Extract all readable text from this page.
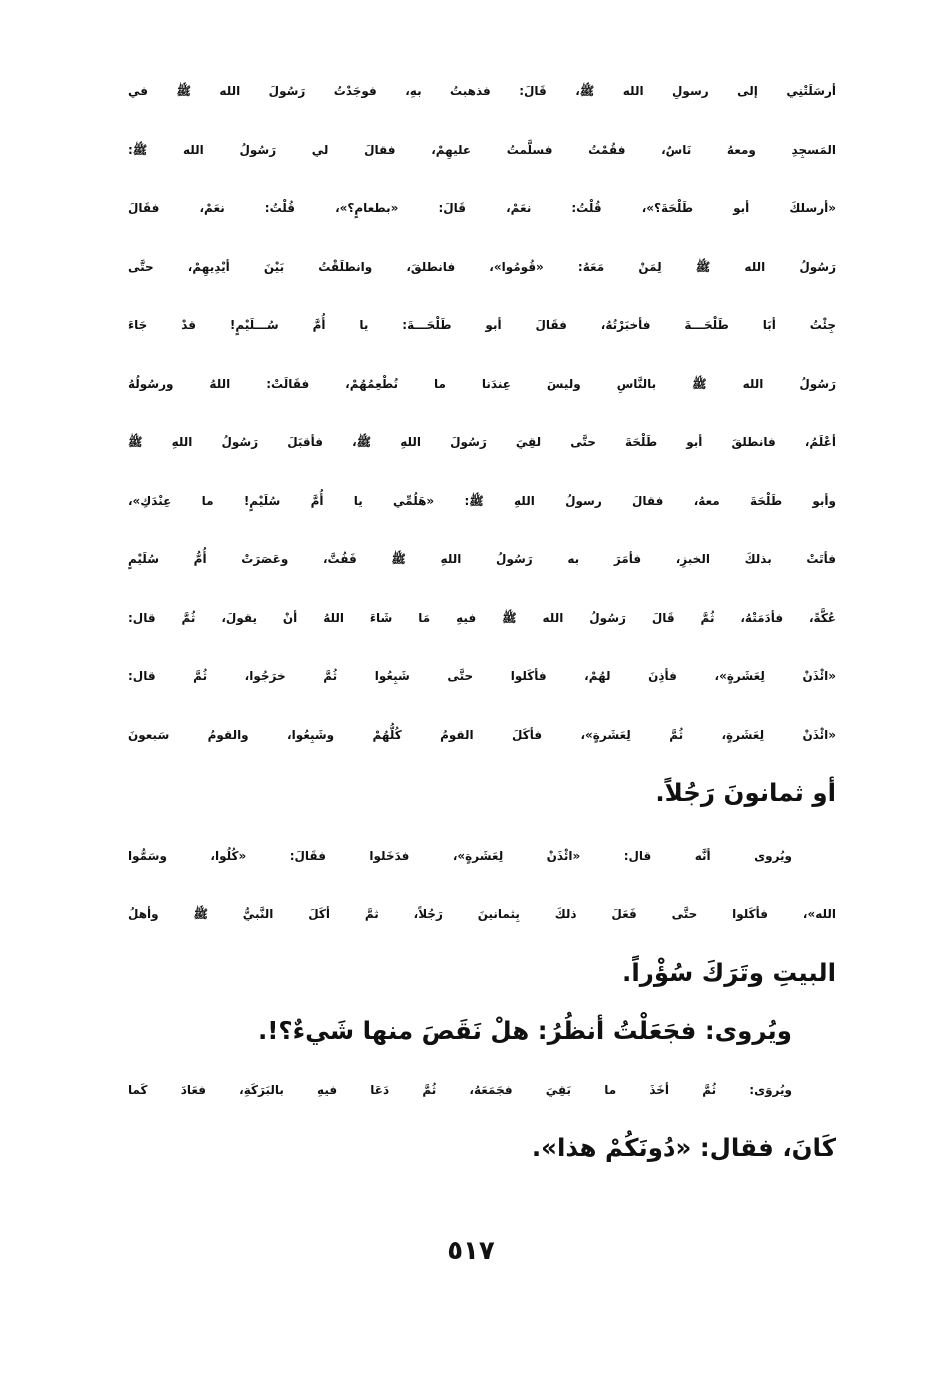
أرسَلَتْنِي إلى رسولِ الله ﷺ، قَالَ: فذهبتُ بهِ، فوجَدْتُ رَسُولَ الله ﷺ في
المَسجِدِ ومعهُ نَاسٌ، فقُمْتُ فسلَّمتُ عليهِمْ، فقالَ لي رَسُولُ الله ﷺ:
«أرسلكَ أبو طَلْحَةَ؟»، قُلْتُ: نعَمْ، قَالَ: «بطعامٍ؟»، قُلْتُ: نعَمْ، فقَالَ
رَسُولُ الله ﷺ لِمَنْ مَعَهُ: «قُومُوا»، فانطلقَ، وانطلَقْتُ بَيْنَ أيْدِيهِمْ، حتَّى
جِئْتُ أبَا طَلْحَـــةَ فأخبَرْتُهُ، فقَالَ أبو طَلْحَـــةَ: يا أُمَّ سُـــلَيْمٍ! قدْ جَاءَ
رَسُولُ الله ﷺ بالنَّاسِ وليسَ عِندَنا ما نُطْعِمُهُمْ، فقَالَتْ: اللهُ ورسُولُهُ
أعْلَمُ، فانطلقَ أبو طَلْحَةَ حتَّى لقِيَ رَسُولَ اللهِ ﷺ، فأقبَلَ رَسُولُ اللهِ ﷺ
وأبو طَلْحَةَ معهُ، فقالَ رسولُ اللهِ ﷺ: «هَلُمِّي يا أُمَّ سُلَيْمٍ! ما عِنْدَكِ»،
فأتَتْ بذلكَ الخبزِ، فأمَرَ به رَسُولُ اللهِ ﷺ فَفُتَّ، وعَصَرَتْ أُمُّ سُلَيْمٍ
عُكَّةً، فأدَمَتْهُ، ثُمَّ قَالَ رَسُولُ الله ﷺ فيهِ مَا شَاءَ اللهُ أنْ يقولَ، ثُمَّ قال:
«ائْذَنْ لِعَشَرةٍ»، فأذِنَ لهُمْ، فأكَلوا حتَّى شَبِعُوا ثُمَّ خرَجُوا، ثُمَّ قال:
«ائْذَنْ لِعَشَرةٍ، ثُمَّ لِعَشَرةٍ»، فأكَلَ القومُ كُلُّهُمْ وشَبِعُوا، والقومُ سَبعونَ
أو ثمانونَ رَجُلاً.
ويُروى أنَّه قال: «ائْذَنْ لِعَشَرةٍ»، فدَخَلوا فقَالَ: «كُلُوا، وسَمُّوا
الله»، فأكَلوا حتَّى فَعَلَ ذلكَ بِثمانينَ رَجُلاً، ثمَّ أكَلَ النَّبيُّ ﷺ وأهلُ
البيتِ وتَرَكَ سُؤْراً.
ويُروى: فجَعَلْتُ أنظُرُ: هلْ نَقَصَ منها شَيءٌ؟!.
ويُروَى: ثُمَّ أخَذَ ما بَقِيَ فجَمَعَهُ، ثُمَّ دَعَا فيهِ بالبَرَكَةِ، فعَادَ كَما
كَانَ، فقال: «دُونَكُمْ هذا».
٥١٧
